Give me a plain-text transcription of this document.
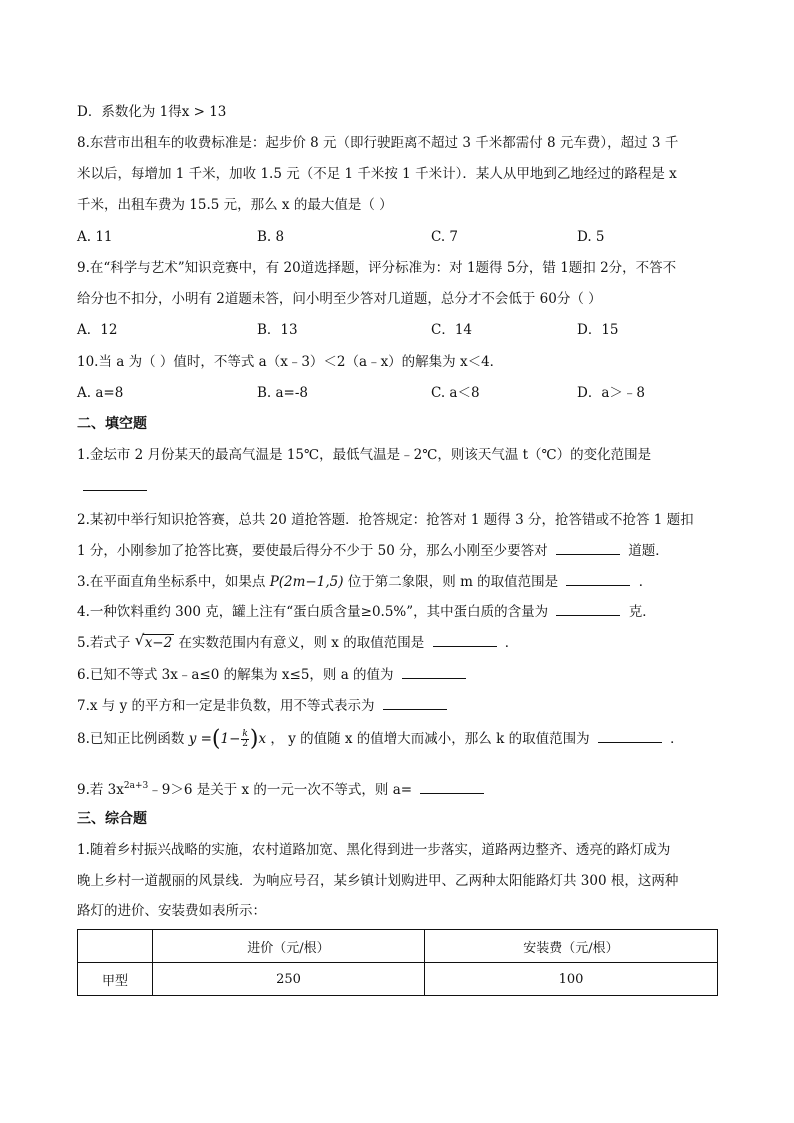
D．系数化为 1得x > 13
8.东营市出租车的收费标准是：起步价 8 元（即行驶距离不超过 3 千米都需付 8 元车费），超过 3 千
米以后，每增加 1 千米，加收 1.5 元（不足 1 千米按 1 千米计）．某人从甲地到乙地经过的路程是 x
千米，出租车费为 15.5 元，那么 x 的最大值是（ ）
A. 11	B. 8	C. 7	D. 5
9.在“科学与艺术”知识竞赛中，有 20道选择题，评分标准为：对 1题得 5分，错 1题扣 2分，不答不
给分也不扣分，小明有 2道题未答，问小明至少答对几道题，总分才不会低于 60分（ ）
A．12	B．13	C．14	D．15
10.当 a 为（ ）值时，不等式 a（x﹣3）＜2（a﹣x）的解集为 x＜4．
A. a=8	B. a=-8	C. a＜8	D．a＞﹣8
二、填空题
1.金坛市 2 月份某天的最高气温是 15℃，最低气温是﹣2℃，则该天气温 t（℃）的变化范围是
2.某初中举行知识抢答赛，总共 20 道抢答题．抢答规定：抢答对 1 题得 3 分，抢答错或不抢答 1 题扣
1 分，小刚参加了抢答比赛，要使最后得分不少于 50 分，那么小刚至少要答对	道题．
3.在平面直角坐标系中，如果点 P(2m−1,5) 位于第二象限，则 m 的取值范围是	．
4.一种饮料重约 300 克，罐上注有“蛋白质含量≥0.5%”，其中蛋白质的含量为	克．
5.若式子 √ x−2 在实数范围内有意义，则 x 的取值范围是	．
6.已知不等式 3x﹣a≤0 的解集为 x≤5，则 a 的值为
7.x 与 y 的平方和一定是非负数，用不等式表示为
8.已知正比例函数 $y =(1- \frac{k}{2} )x$ ， y 的值随 x 的值增大而减小，那么 k 的取值范围为	．
9.若 $3x^{2a+3}﹣9>6$ 是关于 x 的一元一次不等式，则 a=
三、综合题
1.随着乡村振兴战略的实施，农村道路加宽、黑化得到进一步落实，道路两边整齐、透亮的路灯成为
晚上乡村一道靓丽的风景线．为响应号召，某乡镇计划购进甲、乙两种太阳能路灯共 300 根，这两种
路灯的进价、安装费如表所示：
	进价（元/根）	安装费（元/根）
甲型	250	100
